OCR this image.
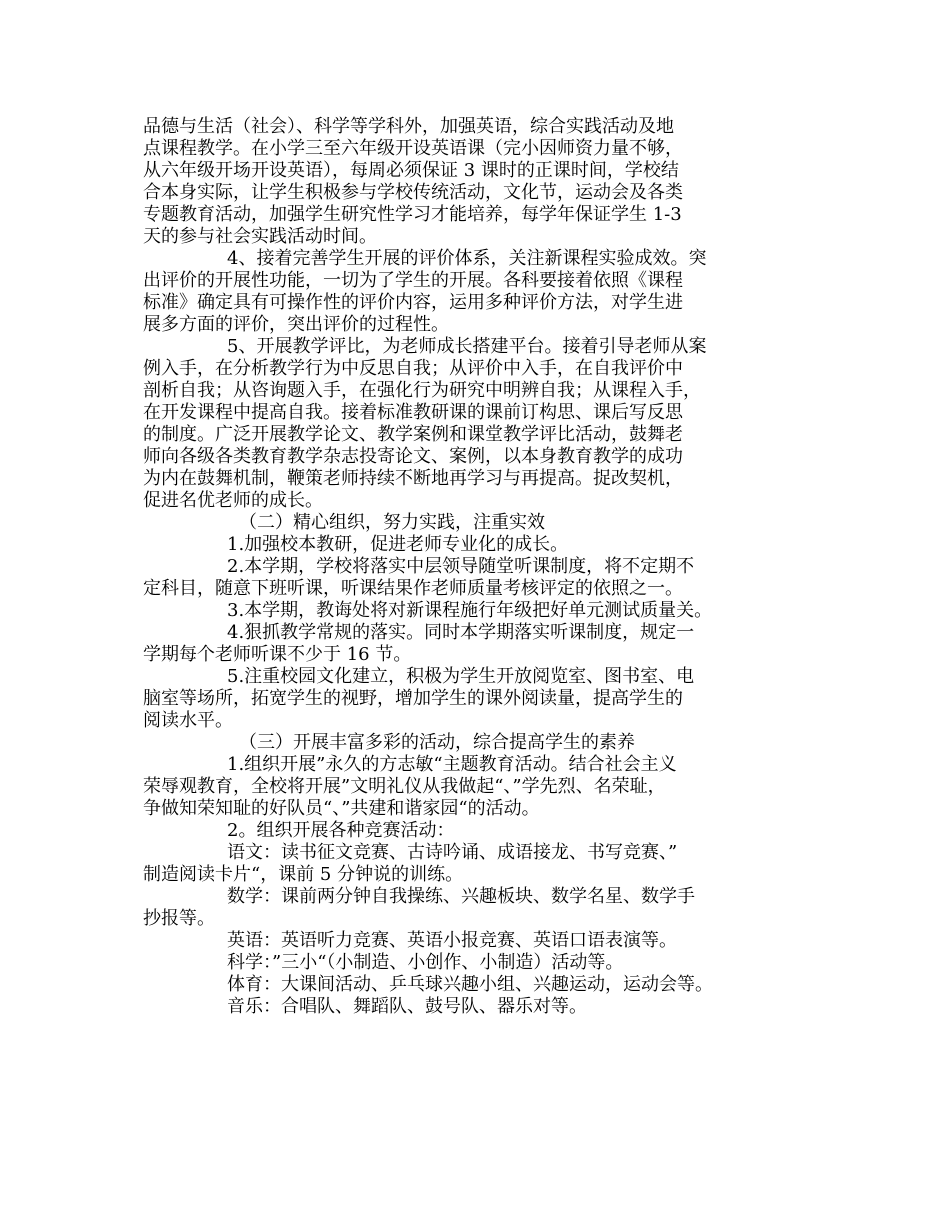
品德与生活（社会）、科学等学科外，加强英语，综合实践活动及地
点课程教学。在小学三至六年级开设英语课（完小因师资力量不够，
从六年级开场开设英语），每周必须保证 3 课时的正课时间，学校结
合本身实际，让学生积极参与学校传统活动，文化节，运动会及各类
专题教育活动，加强学生研究性学习才能培养，每学年保证学生 1-3
天的参与社会实践活动时间。
4、接着完善学生开展的评价体系，关注新课程实验成效。突
出评价的开展性功能，一切为了学生的开展。各科要接着依照《课程
标准》确定具有可操作性的评价内容，运用多种评价方法，对学生进
展多方面的评价，突出评价的过程性。
5、开展教学评比，为老师成长搭建平台。接着引导老师从案
例入手，在分析教学行为中反思自我；从评价中入手，在自我评价中
剖析自我；从咨询题入手，在强化行为研究中明辨自我；从课程入手，
在开发课程中提高自我。接着标准教研课的课前订构思、课后写反思
的制度。广泛开展教学论文、教学案例和课堂教学评比活动，鼓舞老
师向各级各类教育教学杂志投寄论文、案例，以本身教育教学的成功
为内在鼓舞机制，鞭策老师持续不断地再学习与再提高。捉改契机，
促进名优老师的成长。
（二）精心组织，努力实践，注重实效
1.加强校本教研，促进老师专业化的成长。
2.本学期，学校将落实中层领导随堂听课制度，将不定期不
定科目，随意下班听课，听课结果作老师质量考核评定的依照之一。
3.本学期，教诲处将对新课程施行年级把好单元测试质量关。
4.狠抓教学常规的落实。同时本学期落实听课制度，规定一
学期每个老师听课不少于 16 节。
5.注重校园文化建立，积极为学生开放阅览室、图书室、电
脑室等场所，拓宽学生的视野，增加学生的课外阅读量，提高学生的
阅读水平。
（三）开展丰富多彩的活动，综合提高学生的素养
1.组织开展”永久的方志敏“主题教育活动。结合社会主义
荣辱观教育，全校将开展”文明礼仪从我做起“、”学先烈、名荣耻，
争做知荣知耻的好队员“、”共建和谐家园“的活动。
2。组织开展各种竞赛活动：
语文：读书征文竞赛、古诗吟诵、成语接龙、书写竞赛、”
制造阅读卡片“，课前 5 分钟说的训练。
数学：课前两分钟自我操练、兴趣板块、数学名星、数学手
抄报等。
英语：英语听力竞赛、英语小报竞赛、英语口语表演等。
科学：”三小“（小制造、小创作、小制造）活动等。
体育：大课间活动、乒乓球兴趣小组、兴趣运动，运动会等。
音乐：合唱队、舞蹈队、鼓号队、器乐对等。
